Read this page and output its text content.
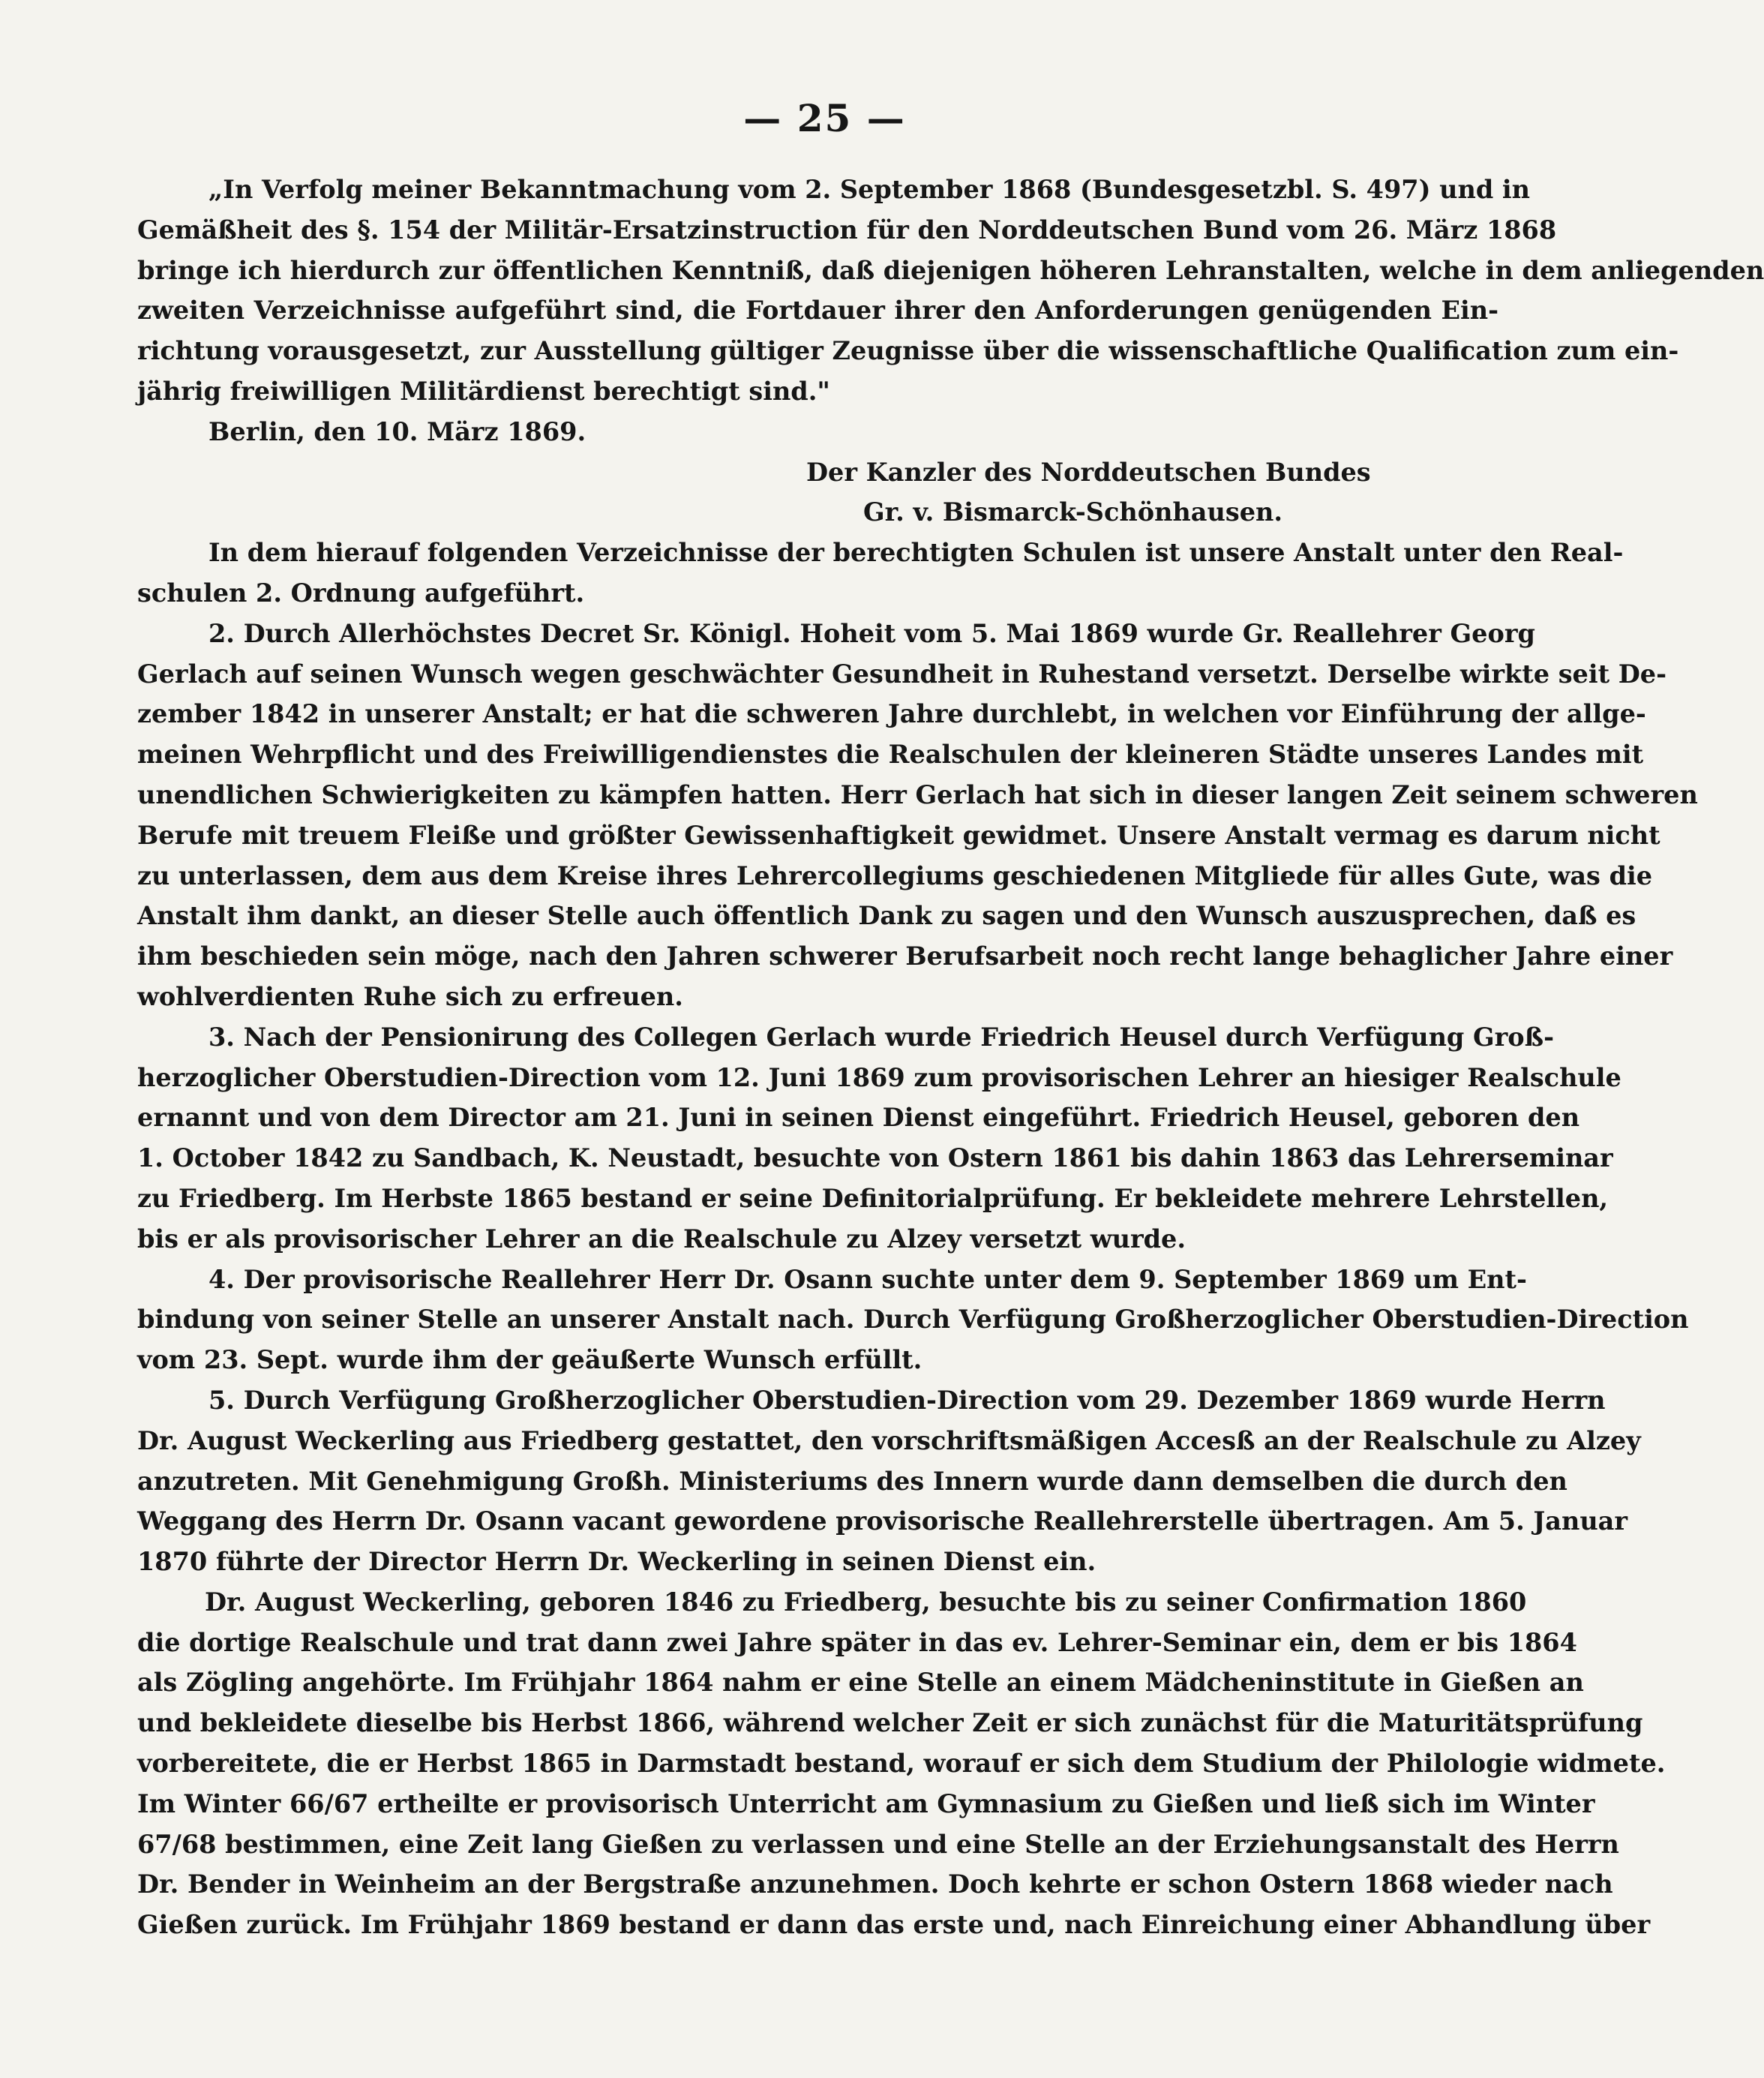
— 25 —
„In Verfolg meiner Bekanntmachung vom 2. September 1868 (Bundesgesetzbl. S. 497) und in
Gemäßheit des §. 154 der Militär-Ersatzinstruction für den Norddeutschen Bund vom 26. März 1868
bringe ich hierdurch zur öffentlichen Kenntniß, daß diejenigen höheren Lehranstalten, welche in dem anliegenden
zweiten Verzeichnisse aufgeführt sind, die Fortdauer ihrer den Anforderungen genügenden Ein-
richtung vorausgesetzt, zur Ausstellung gültiger Zeugnisse über die wissenschaftliche Qualification zum ein-
jährig freiwilligen Militärdienst berechtigt sind."
Berlin, den 10. März 1869.
Der Kanzler des Norddeutschen Bundes
Gr. v. Bismarck-Schönhausen.
In dem hierauf folgenden Verzeichnisse der berechtigten Schulen ist unsere Anstalt unter den Real-
schulen 2. Ordnung aufgeführt.
2. Durch Allerhöchstes Decret Sr. Königl. Hoheit vom 5. Mai 1869 wurde Gr. Reallehrer Georg
Gerlach auf seinen Wunsch wegen geschwächter Gesundheit in Ruhestand versetzt. Derselbe wirkte seit De-
zember 1842 in unserer Anstalt; er hat die schweren Jahre durchlebt, in welchen vor Einführung der allge-
meinen Wehrpflicht und des Freiwilligendienstes die Realschulen der kleineren Städte unseres Landes mit
unendlichen Schwierigkeiten zu kämpfen hatten. Herr Gerlach hat sich in dieser langen Zeit seinem schweren
Berufe mit treuem Fleiße und größter Gewissenhaftigkeit gewidmet. Unsere Anstalt vermag es darum nicht
zu unterlassen, dem aus dem Kreise ihres Lehrercollegiums geschiedenen Mitgliede für alles Gute, was die
Anstalt ihm dankt, an dieser Stelle auch öffentlich Dank zu sagen und den Wunsch auszusprechen, daß es
ihm beschieden sein möge, nach den Jahren schwerer Berufsarbeit noch recht lange behaglicher Jahre einer
wohlverdienten Ruhe sich zu erfreuen.
3. Nach der Pensionirung des Collegen Gerlach wurde Friedrich Heusel durch Verfügung Groß-
herzoglicher Oberstudien-Direction vom 12. Juni 1869 zum provisorischen Lehrer an hiesiger Realschule
ernannt und von dem Director am 21. Juni in seinen Dienst eingeführt. Friedrich Heusel, geboren den
1. October 1842 zu Sandbach, K. Neustadt, besuchte von Ostern 1861 bis dahin 1863 das Lehrerseminar
zu Friedberg. Im Herbste 1865 bestand er seine Definitorialprüfung. Er bekleidete mehrere Lehrstellen,
bis er als provisorischer Lehrer an die Realschule zu Alzey versetzt wurde.
4. Der provisorische Reallehrer Herr Dr. Osann suchte unter dem 9. September 1869 um Ent-
bindung von seiner Stelle an unserer Anstalt nach. Durch Verfügung Großherzoglicher Oberstudien-Direction
vom 23. Sept. wurde ihm der geäußerte Wunsch erfüllt.
5. Durch Verfügung Großherzoglicher Oberstudien-Direction vom 29. Dezember 1869 wurde Herrn
Dr. August Weckerling aus Friedberg gestattet, den vorschriftsmäßigen Accesß an der Realschule zu Alzey
anzutreten. Mit Genehmigung Großh. Ministeriums des Innern wurde dann demselben die durch den
Weggang des Herrn Dr. Osann vacant gewordene provisorische Reallehrerstelle übertragen. Am 5. Januar
1870 führte der Director Herrn Dr. Weckerling in seinen Dienst ein.
Dr. August Weckerling, geboren 1846 zu Friedberg, besuchte bis zu seiner Confirmation 1860
die dortige Realschule und trat dann zwei Jahre später in das ev. Lehrer-Seminar ein, dem er bis 1864
als Zögling angehörte. Im Frühjahr 1864 nahm er eine Stelle an einem Mädcheninstitute in Gießen an
und bekleidete dieselbe bis Herbst 1866, während welcher Zeit er sich zunächst für die Maturitätsprüfung
vorbereitete, die er Herbst 1865 in Darmstadt bestand, worauf er sich dem Studium der Philologie widmete.
Im Winter 66/67 ertheilte er provisorisch Unterricht am Gymnasium zu Gießen und ließ sich im Winter
67/68 bestimmen, eine Zeit lang Gießen zu verlassen und eine Stelle an der Erziehungsanstalt des Herrn
Dr. Bender in Weinheim an der Bergstraße anzunehmen. Doch kehrte er schon Ostern 1868 wieder nach
Gießen zurück. Im Frühjahr 1869 bestand er dann das erste und, nach Einreichung einer Abhandlung über
